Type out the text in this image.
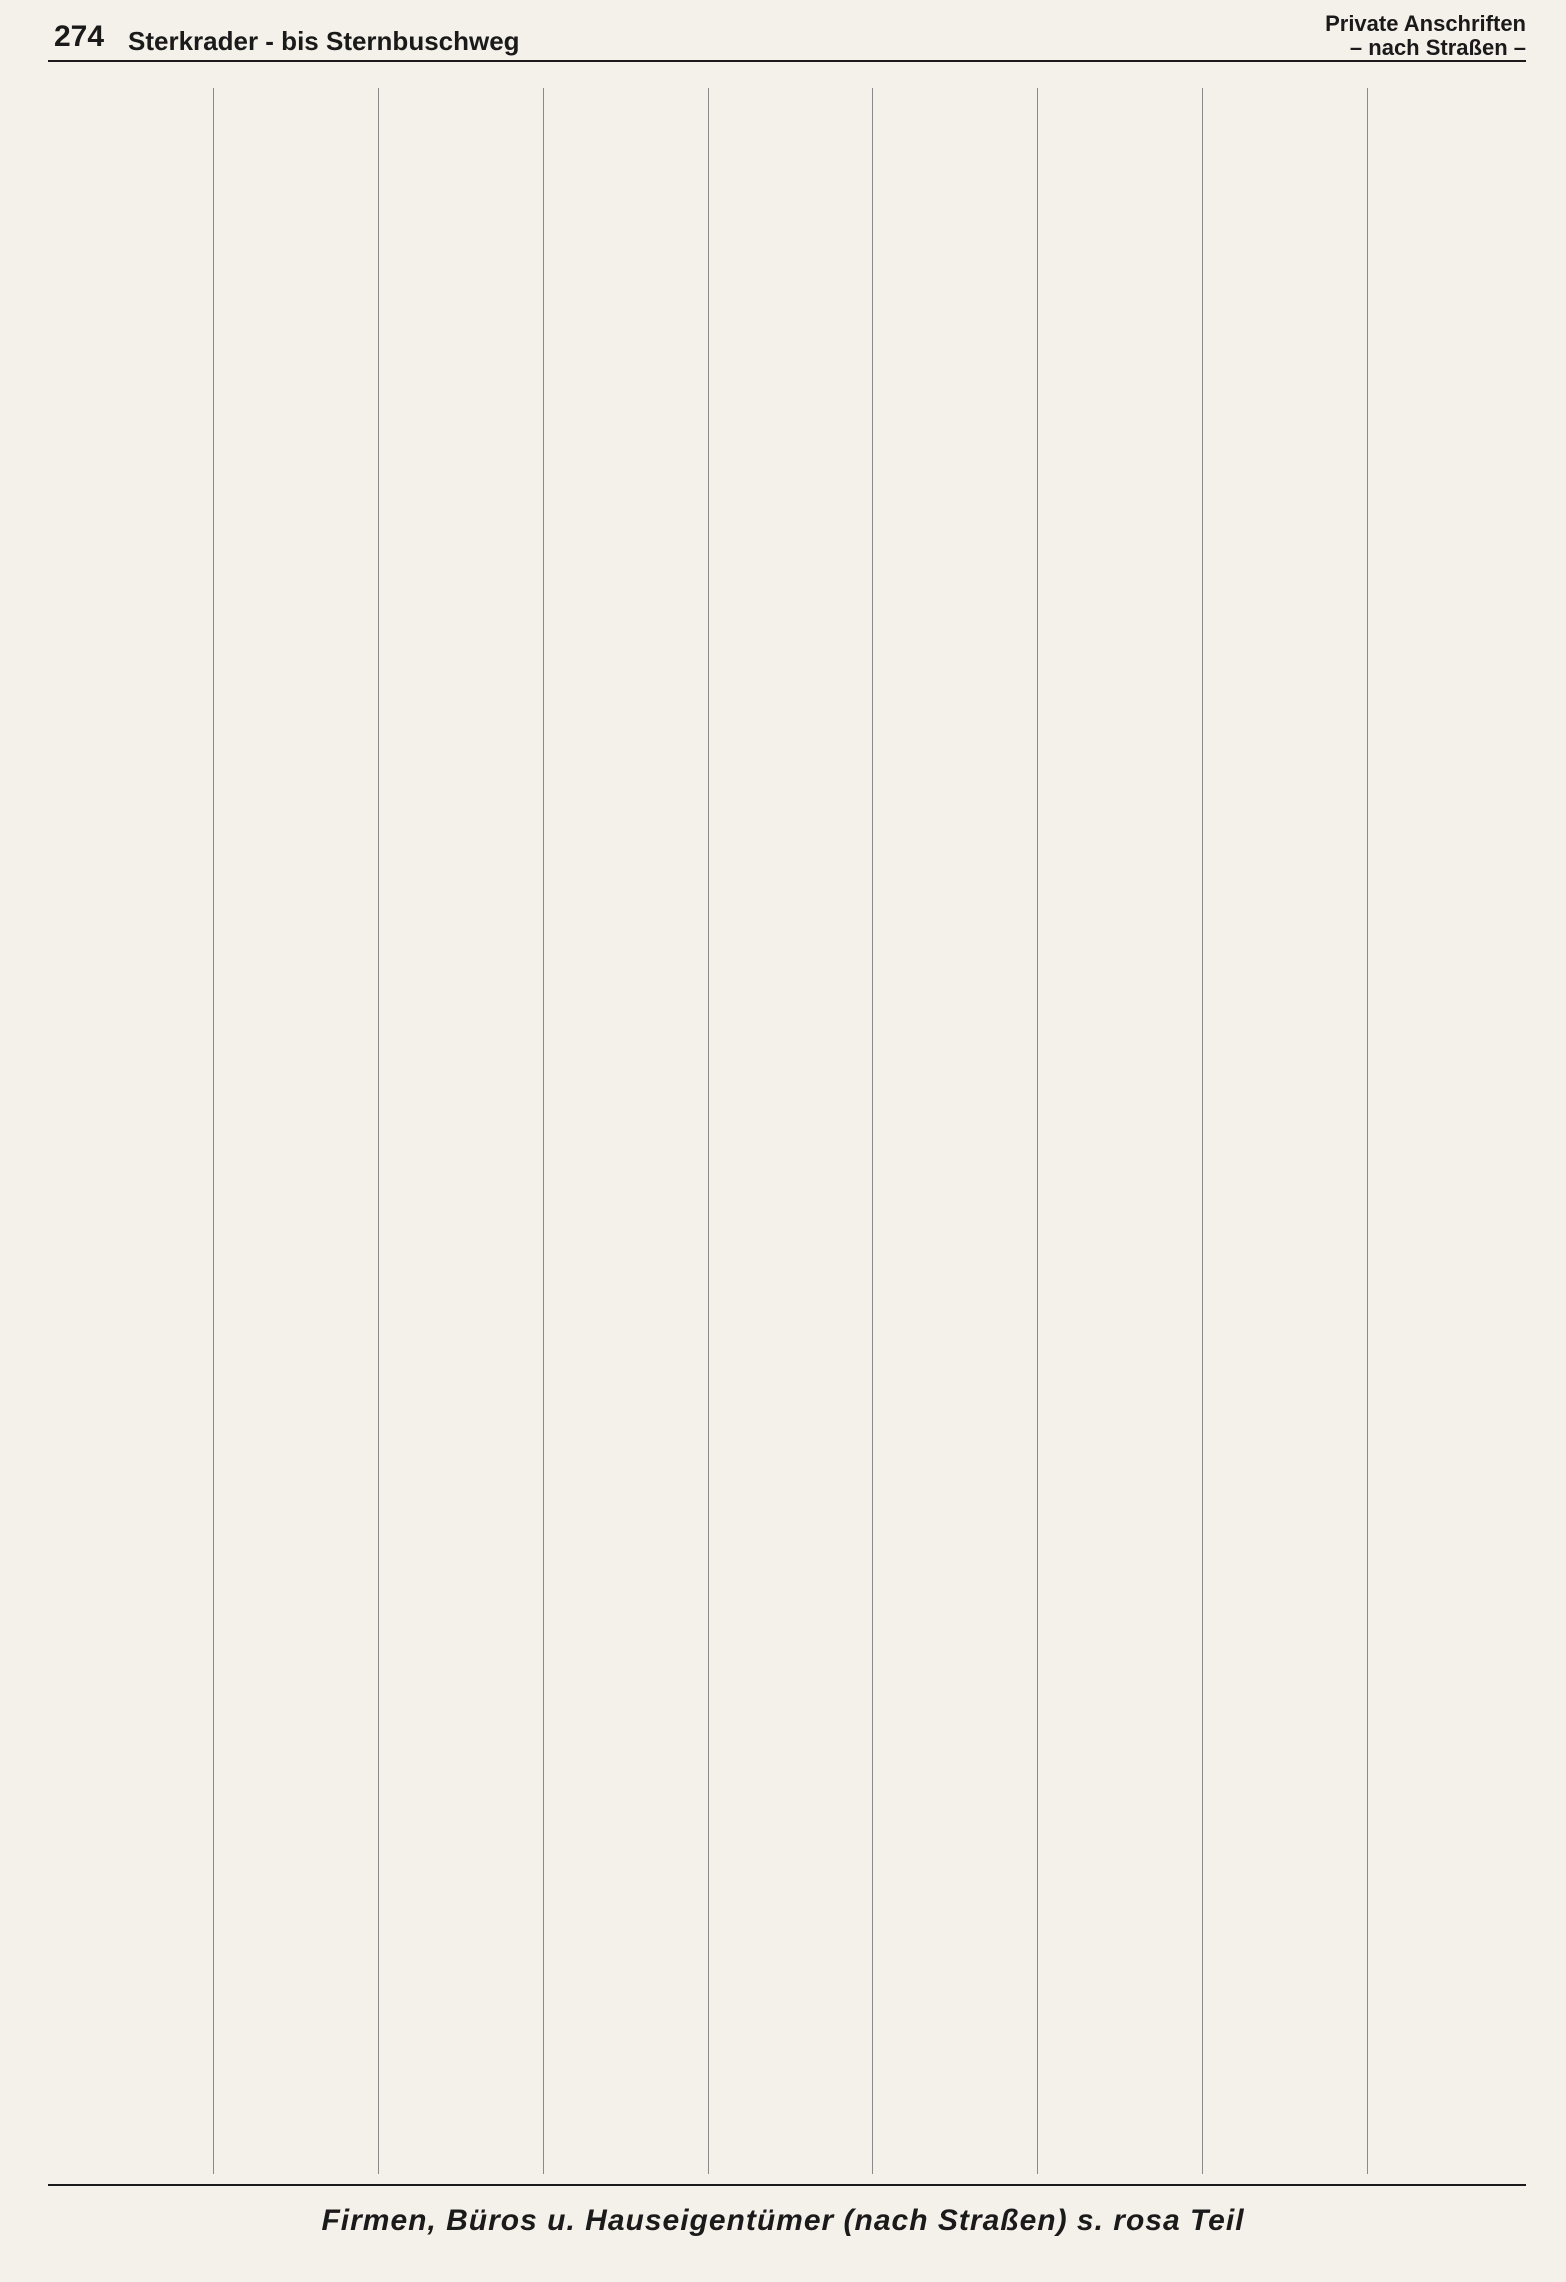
274 Sterkrader - bis Sternbuschweg
Private Anschriften
– nach Straßen –
Firmen, Büros u. Hauseigentümer (nach Straßen) s. rosa Teil
